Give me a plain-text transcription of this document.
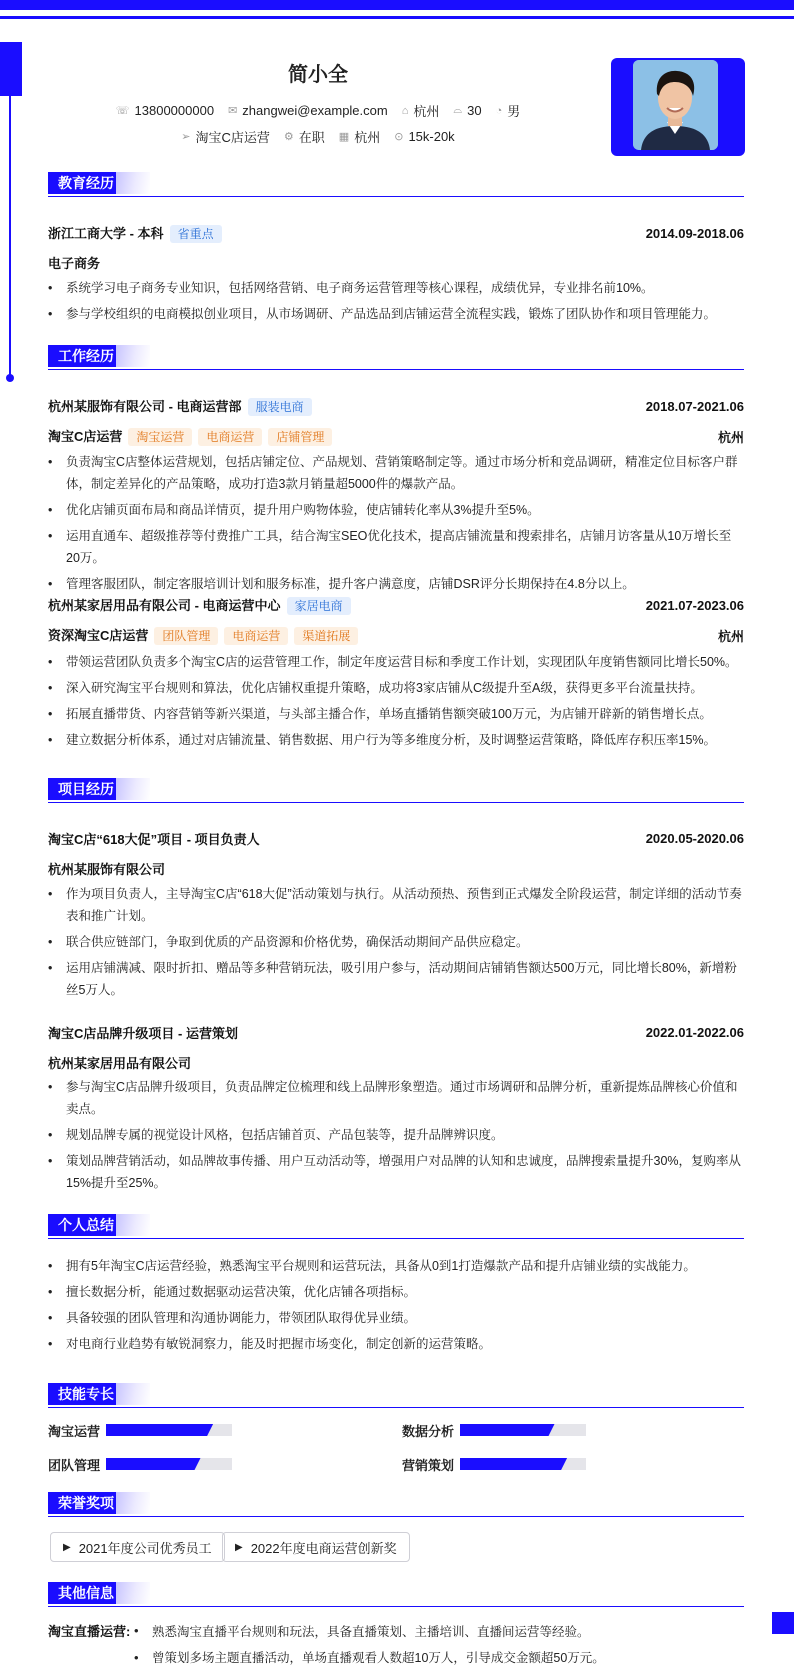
简小全
☏ 13800000000 ✉ zhangwei@example.com ⌂ 杭州 ⌓ 30 ◔ 男
➢ 淘宝C店运营 ⚙ 在职 ▦ 杭州 ⊙ 15k-20k
教育经历
浙江工商大学 - 本科 省重点	2014.09-2018.06
电子商务
•
系统学习电子商务专业知识，包括网络营销、电子商务运营管理等核心课程，成绩优异，专业排名前10%。
•
参与学校组织的电商模拟创业项目，从市场调研、产品选品到店铺运营全流程实践，锻炼了团队协作和项目管理能力。
工作经历
杭州某服饰有限公司 - 电商运营部 服装电商	2018.07-2021.06
淘宝C店运营 淘宝运营 电商运营 店铺管理	杭州
•
负责淘宝C店整体运营规划，包括店铺定位、产品规划、营销策略制定等。通过市场分析和竞品调研，精准定位目标客户群体，制定差异化的产品策略，成功打造3款月销量超5000件的爆款产品。
•
优化店铺页面布局和商品详情页，提升用户购物体验，使店铺转化率从3%提升至5%。
•
运用直通车、超级推荐等付费推广工具，结合淘宝SEO优化技术，提高店铺流量和搜索排名，店铺月访客量从10万增长至20万。
•
管理客服团队，制定客服培训计划和服务标准，提升客户满意度，店铺DSR评分长期保持在4.8分以上。
杭州某家居用品有限公司 - 电商运营中心 家居电商	2021.07-2023.06
资深淘宝C店运营 团队管理 电商运营 渠道拓展	杭州
•
带领运营团队负责多个淘宝C店的运营管理工作，制定年度运营目标和季度工作计划，实现团队年度销售额同比增长50%。
•
深入研究淘宝平台规则和算法，优化店铺权重提升策略，成功将3家店铺从C级提升至A级，获得更多平台流量扶持。
•
拓展直播带货、内容营销等新兴渠道，与头部主播合作，单场直播销售额突破100万元，为店铺开辟新的销售增长点。
•
建立数据分析体系，通过对店铺流量、销售数据、用户行为等多维度分析，及时调整运营策略，降低库存积压率15%。
项目经历
淘宝C店“618大促”项目 - 项目负责人	2020.05-2020.06
杭州某服饰有限公司
•
作为项目负责人，主导淘宝C店“618大促”活动策划与执行。从活动预热、预售到正式爆发全阶段运营，制定详细的活动节奏表和推广计划。
•
联合供应链部门，争取到优质的产品资源和价格优势，确保活动期间产品供应稳定。
•
运用店铺满减、限时折扣、赠品等多种营销玩法，吸引用户参与，活动期间店铺销售额达500万元，同比增长80%，新增粉丝5万人。
淘宝C店品牌升级项目 - 运营策划	2022.01-2022.06
杭州某家居用品有限公司
•
参与淘宝C店品牌升级项目，负责品牌定位梳理和线上品牌形象塑造。通过市场调研和品牌分析，重新提炼品牌核心价值和卖点。
•
规划品牌专属的视觉设计风格，包括店铺首页、产品包装等，提升品牌辨识度。
•
策划品牌营销活动，如品牌故事传播、用户互动活动等，增强用户对品牌的认知和忠诚度，品牌搜索量提升30%，复购率从15%提升至25%。
个人总结
•
拥有5年淘宝C店运营经验，熟悉淘宝平台规则和运营玩法，具备从0到1打造爆款产品和提升店铺业绩的实战能力。
•
擅长数据分析，能通过数据驱动运营决策，优化店铺各项指标。
•
具备较强的团队管理和沟通协调能力，带领团队取得优异业绩。
•
对电商行业趋势有敏锐洞察力，能及时把握市场变化，制定创新的运营策略。
技能专长
淘宝运营	数据分析
团队管理	营销策划
荣誉奖项
▶ 2021年度公司优秀员工 ▶ 2022年度电商运营创新奖
其他信息
淘宝直播运营: •	熟悉淘宝直播平台规则和玩法，具备直播策划、主播培训、直播间运营等经验。
•	曾策划多场主题直播活动，单场直播观看人数超10万人，引导成交金额超50万元。
